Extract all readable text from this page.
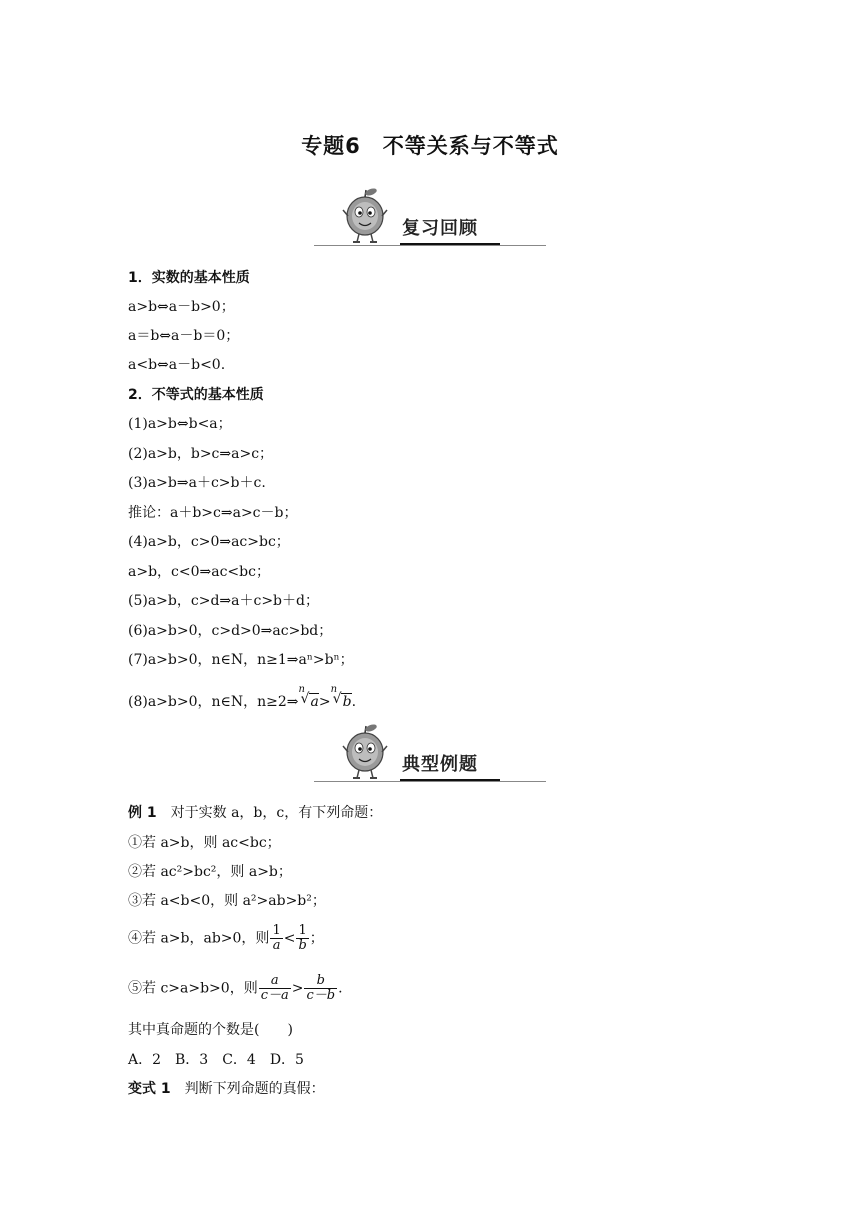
专题6　不等关系与不等式
复习回顾
1．实数的基本性质
a>b⇔a－b>0；
a＝b⇔a－b＝0；
a<b⇔a－b<0.
2．不等式的基本性质
(1)a>b⇔b<a；
(2)a>b，b>c⇒a>c；
(3)a>b⇒a＋c>b＋c.
推论：a＋b>c⇒a>c－b；
(4)a>b，c>0⇒ac>bc；
a>b，c<0⇒ac<bc；
(5)a>b，c>d⇒a＋c>b＋d；
(6)a>b>0，c>d>0⇒ac>bd；
(7)a>b>0，n∈N，n≥1⇒aⁿ>bⁿ；
(8)a>b>0，n∈N，n≥2⇒
n
√ a>
n
√ b.
典型例题
例 1　对于实数 a，b，c，有下列命题：
①若 a>b，则 ac<bc；
②若 ac²>bc²，则 a>b；
③若 a<b<0，则 a²>ab>b²；
④若 a>b，ab>0，则 $\frac{1}{a} < \frac{1}{b}$ ；
⑤若 c>a>b>0，则 $\frac{a}{c-a} > \frac{b}{c-b}$ .
其中真命题的个数是(　　)
A．2　B．3　C．4　D．5
变式 1　判断下列命题的真假：
